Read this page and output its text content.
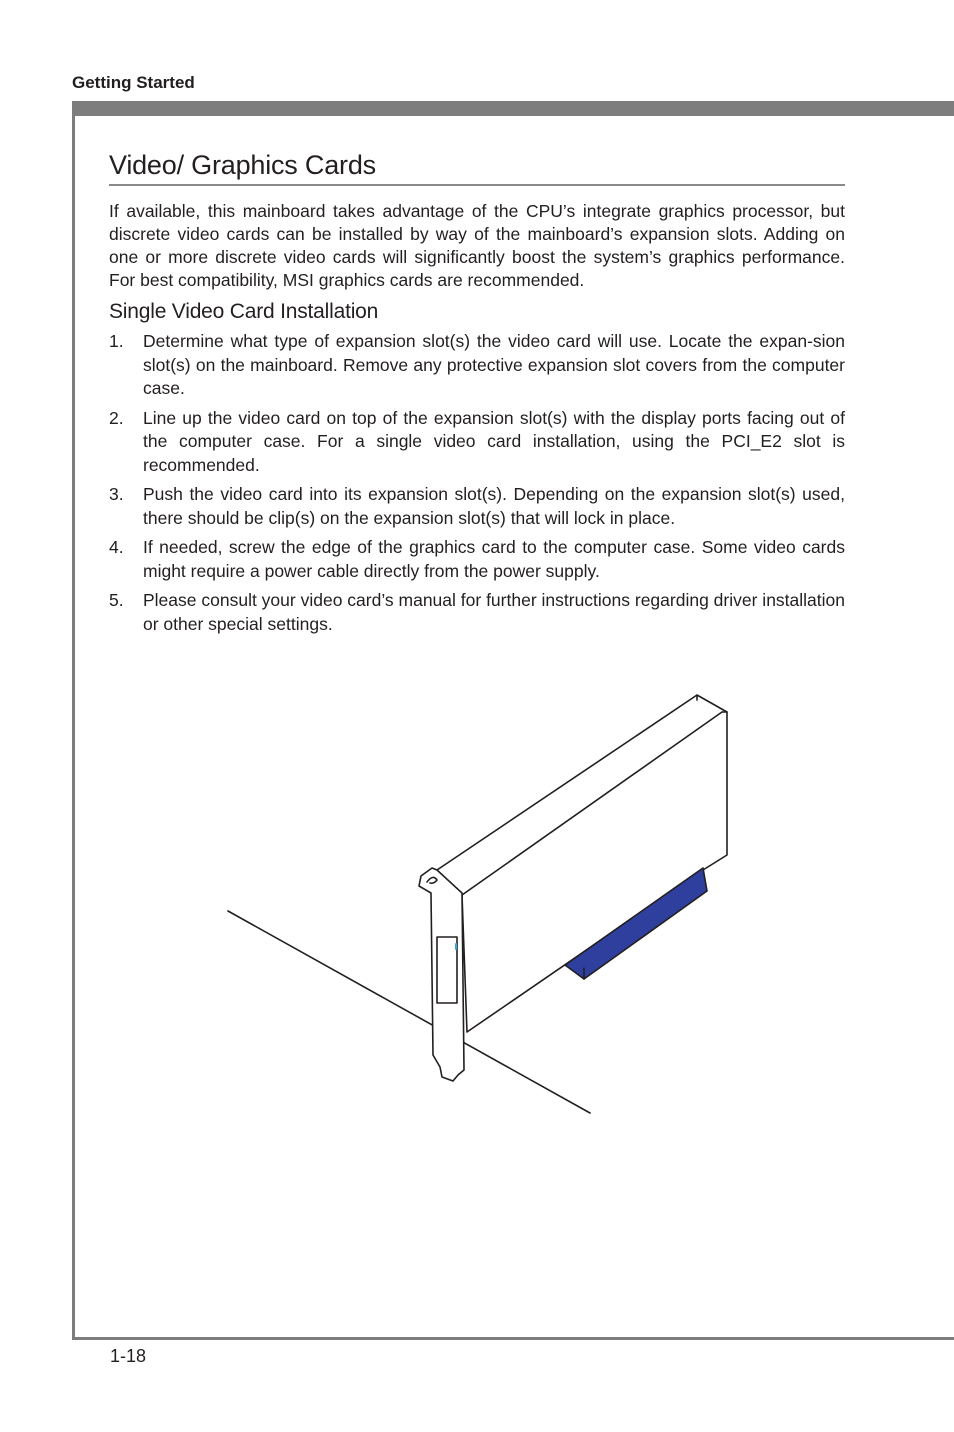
Getting Started

Video/ Graphics Cards

If available, this mainboard takes advantage of the CPU’s integrate graphics processor, but discrete video cards can be installed by way of the mainboard’s expansion slots. Adding on one or more discrete video cards will significantly boost the system’s graphics performance. For best compatibility, MSI graphics cards are recommended.

Single Video Card Installation
1. Determine what type of expansion slot(s) the video card will use. Locate the expan-sion slot(s) on the mainboard. Remove any protective expansion slot covers from the computer case.
2. Line up the video card on top of the expansion slot(s) with the display ports facing out of the computer case. For a single video card installation, using the PCI_E2 slot is recommended.
3. Push the video card into its expansion slot(s). Depending on the expansion slot(s) used, there should be clip(s) on the expansion slot(s) that will lock in place.
4. If needed, screw the edge of the graphics card to the computer case. Some video cards might require a power cable directly from the power supply.
5. Please consult your video card’s manual for further instructions regarding driver installation or other special settings.

1-18
